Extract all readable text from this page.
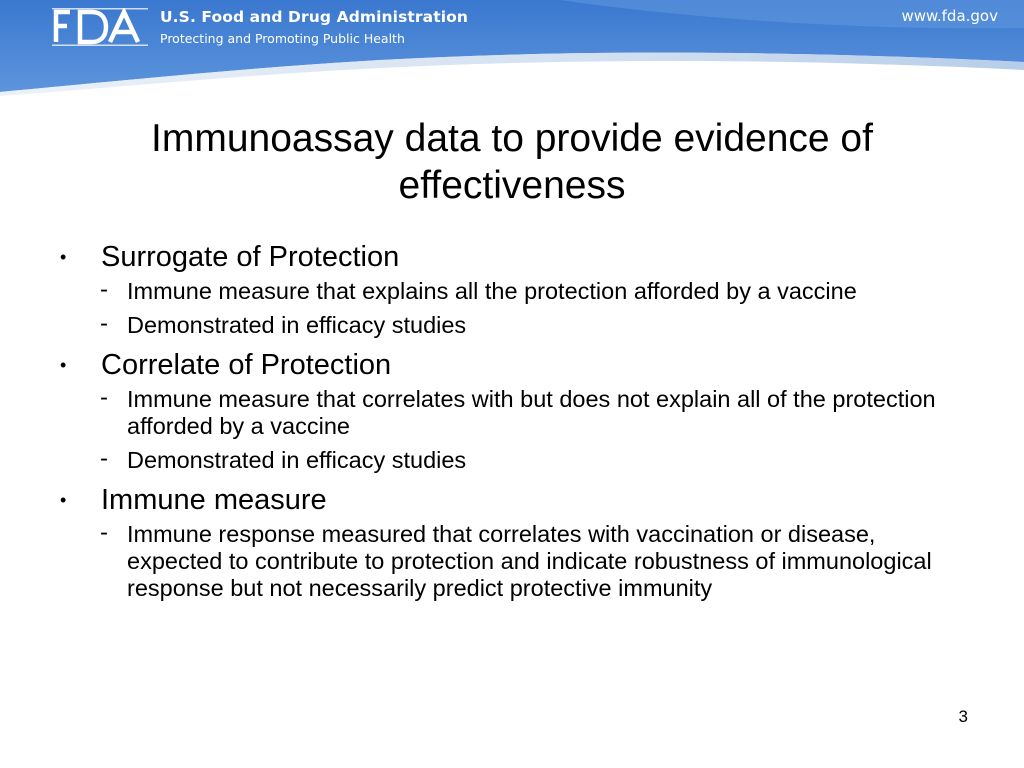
U.S. Food and Drug Administration
Protecting and Promoting Public Health
www.fda.gov
Immunoassay data to provide evidence of effectiveness
• Surrogate of Protection
- Immune measure that explains all the protection afforded by a vaccine
- Demonstrated in efficacy studies
• Correlate of Protection
- Immune measure that correlates with but does not explain all of the protection afforded by a vaccine
- Demonstrated in efficacy studies
• Immune measure
- Immune response measured that correlates with vaccination or disease, expected to contribute to protection and indicate robustness of immunological response but not necessarily predict protective immunity
3
